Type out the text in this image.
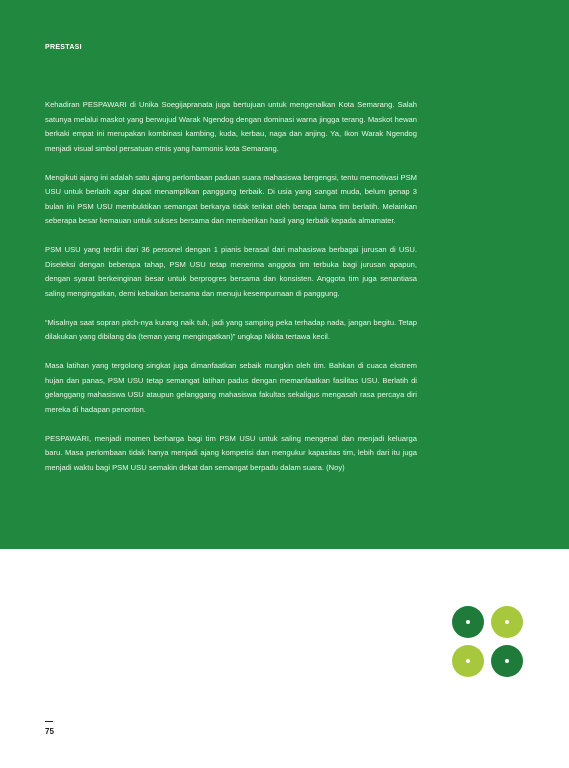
PRESTASI

Kehadiran PESPAWARI di Unika Soegijapranata juga bertujuan untuk mengenalkan Kota Semarang. Salah satunya melalui maskot yang berwujud Warak Ngendog dengan dominasi warna jingga terang. Maskot hewan berkaki empat ini merupakan kombinasi kambing, kuda, kerbau, naga dan anjing. Ya, Ikon Warak Ngendog menjadi visual simbol persatuan etnis yang harmonis kota Semarang.

Mengikuti ajang ini adalah satu ajang perlombaan paduan suara mahasiswa bergengsi, tentu memotivasi PSM USU untuk berlatih agar dapat menampilkan panggung terbaik. Di usia yang sangat muda, belum genap 3 bulan ini PSM USU membuktikan semangat berkarya tidak terikat oleh berapa lama tim berlatih. Melainkan seberapa besar kemauan untuk sukses bersama dan memberikan hasil yang terbaik kepada almamater.

PSM USU yang terdiri dari 36 personel dengan 1 pianis berasal dari mahasiswa berbagai jurusan di USU. Diseleksi dengan beberapa tahap, PSM USU tetap menerima anggota tim terbuka bagi jurusan apapun, dengan syarat berkeinginan besar untuk berprogres bersama dan konsisten. Anggota tim juga senantiasa saling mengingatkan, demi kebaikan bersama dan menuju kesempurnaan di panggung.

“Misalnya saat sopran pitch-nya kurang naik tuh, jadi yang samping peka terhadap nada, jangan begitu. Tetap dilakukan yang dibilang dia (teman yang mengingatkan)” ungkap Nikita tertawa kecil.

Masa latihan yang tergolong singkat juga dimanfaatkan sebaik mungkin oleh tim. Bahkan di cuaca ekstrem hujan dan panas, PSM USU tetap semangat latihan padus dengan memanfaatkan fasilitas USU. Berlatih di gelanggang mahasiswa USU ataupun gelanggang mahasiswa fakultas sekaligus mengasah rasa percaya diri mereka di hadapan penonton.

PESPAWARI, menjadi momen berharga bagi tim PSM USU untuk saling mengenal dan menjadi keluarga baru. Masa perlombaan tidak hanya menjadi ajang kompetisi dan mengukur kapasitas tim, lebih dari itu juga menjadi waktu bagi PSM USU semakin dekat dan semangat berpadu dalam suara. (Noy)

75
